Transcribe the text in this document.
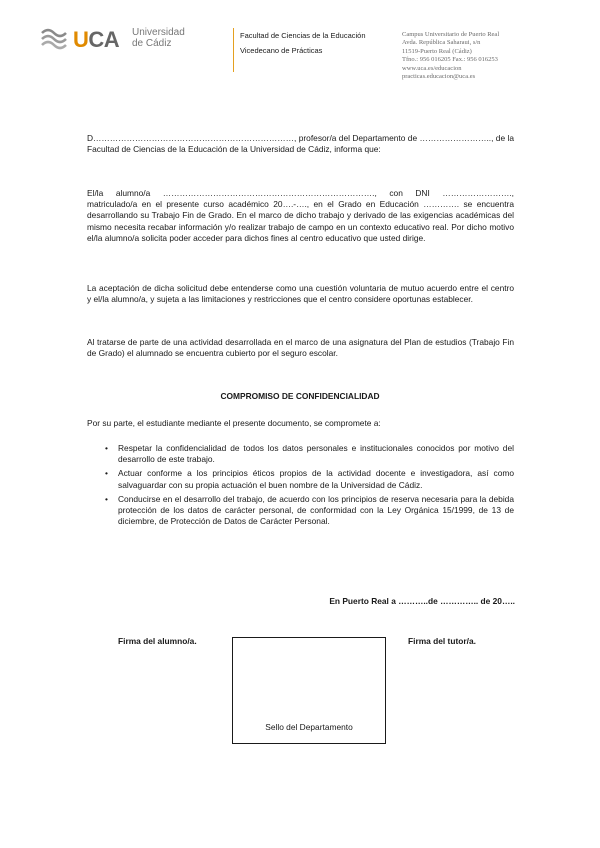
UCA Universidad
de Cádiz
Facultad de Ciencias de la Educación
Vicedecano de Prácticas
Campus Universitario de Puerto Real
Avda. República Saharaui, s/n
11519-Puerto Real (Cádiz)
Tfno.: 956 016205 Fax.: 956 016253
www.uca.es/educacion
practicas.educacion@uca.es

D………………………………………………………………, profesor/a del Departamento de …………………….., de la Facultad de Ciencias de la Educación de la Universidad de Cádiz, informa que:

El/la alumno/a …………………………………………………………………., con DNI ……………………., matriculado/a en el presente curso académico 20….-…., en el Grado en Educación …………. se encuentra desarrollando su Trabajo Fin de Grado. En el marco de dicho trabajo y derivado de las exigencias académicas del mismo necesita recabar información y/o realizar trabajo de campo en un contexto educativo real. Por dicho motivo el/la alumno/a solicita poder acceder para dichos fines al centro educativo que usted dirige.

La aceptación de dicha solicitud debe entenderse como una cuestión voluntaria de mutuo acuerdo entre el centro y el/la alumno/a, y sujeta a las limitaciones y restricciones que el centro considere oportunas establecer.

Al tratarse de parte de una actividad desarrollada en el marco de una asignatura del Plan de estudios (Trabajo Fin de Grado) el alumnado se encuentra cubierto por el seguro escolar.

COMPROMISO DE CONFIDENCIALIDAD

Por su parte, el estudiante mediante el presente documento, se compromete a:

• Respetar la confidencialidad de todos los datos personales e institucionales conocidos por motivo del desarrollo de este trabajo.
• Actuar conforme a los principios éticos propios de la actividad docente e investigadora, así como salvaguardar con su propia actuación el buen nombre de la Universidad de Cádiz.
• Conducirse en el desarrollo del trabajo, de acuerdo con los principios de reserva necesaria para la debida protección de los datos de carácter personal, de conformidad con la Ley Orgánica 15/1999, de 13 de diciembre, de Protección de Datos de Carácter Personal.
En Puerto Real a ………..de ………….. de 20…..
Firma del alumno/a.	Firma del tutor/a.
Sello del Departamento
